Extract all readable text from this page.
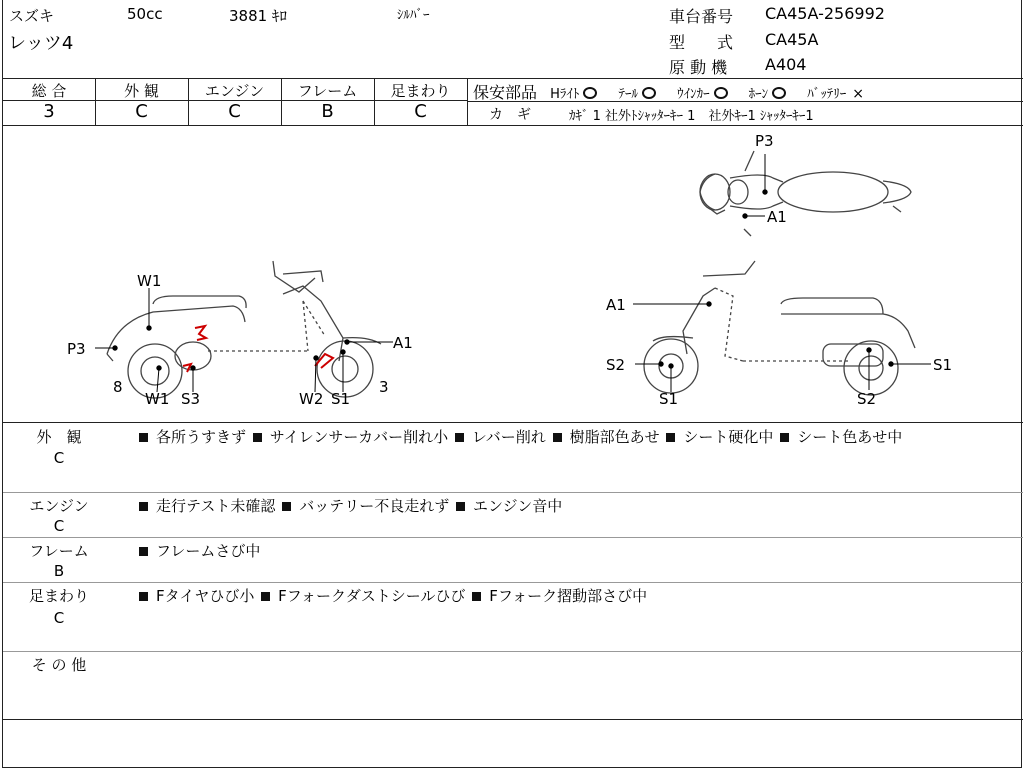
スズキ	50cc	3881 ｷﾛ	ｼﾙﾊﾞｰ
レッツ4
車台番号 CA45A-256992
型　　式 CA45A
原 動 機 A404
総 合	外 観	エンジン	フレーム	足まわり
3	C	C	B	C
保安部品 Hﾗｲﾄ	ﾃｰﾙ	ｳｲﾝｶｰ	ﾎｰﾝ	ﾊﾞｯﾃﾘｰ ×
カ　ギ	ｶｷﾞ 1 社外ﾄｼｬｯﾀｰｷｰ 1　社外ｷｰ1 ｼｬｯﾀｰｷｰ1
P3
A1
W1
P3
8
W1 S3
A1
W2 S1
3
A1
S2
S1
S1
S2
外　観
C
各所うすきず サイレンサーカバー削れ小 レバー削れ 樹脂部色あせ シート硬化中 シート色あせ中
エンジン
C
走行テスト未確認 バッテリー不良走れず エンジン音中
フレーム
B
フレームさび中
足まわり
C
Fタイヤひび小 Fフォークダストシールひび Fフォーク摺動部さび中
そ の 他
